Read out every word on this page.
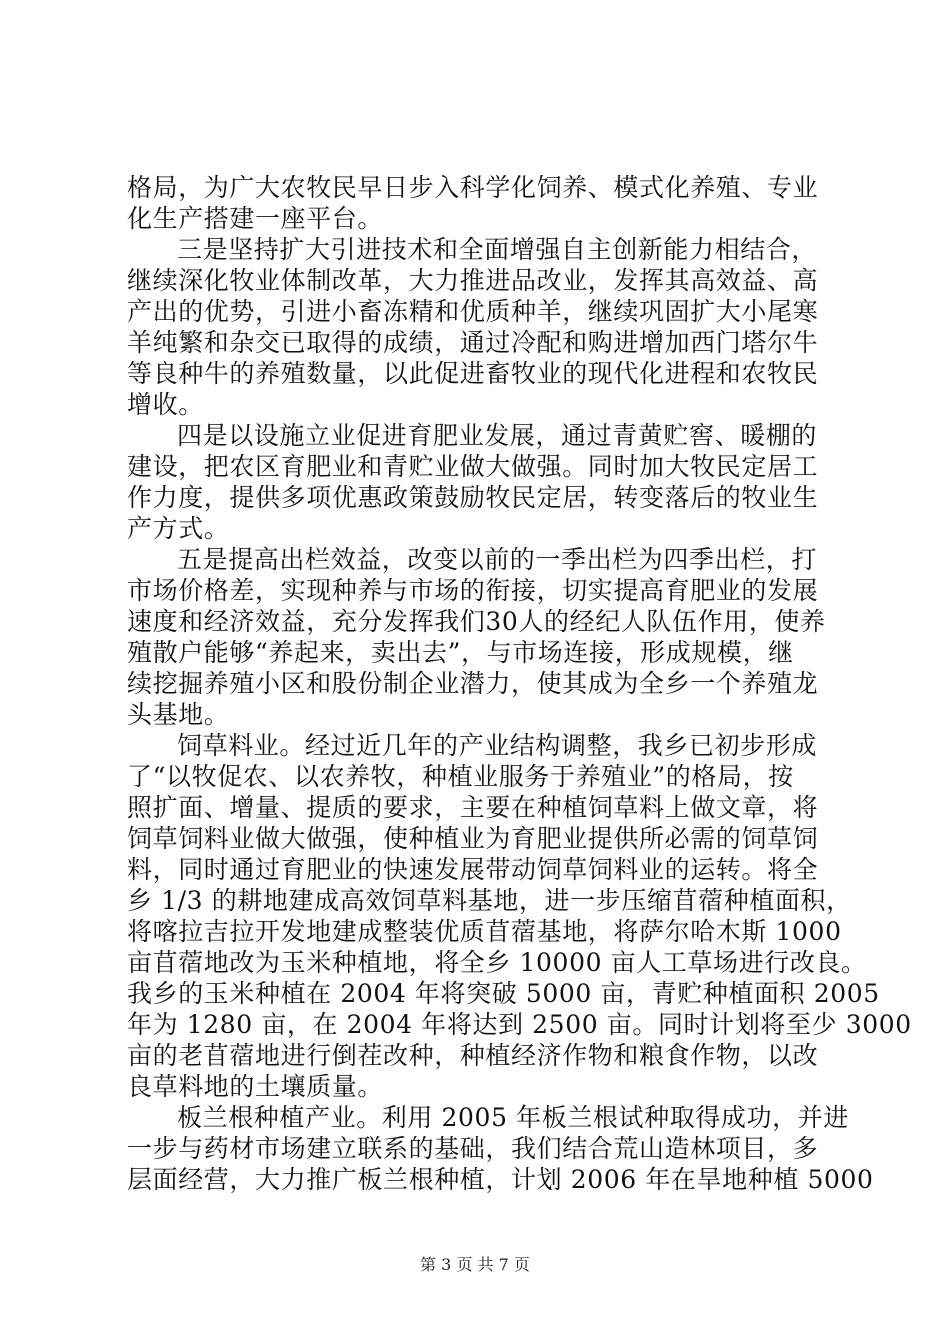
格局，为广大农牧民早日步入科学化饲养、模式化养殖、专业
化生产搭建一座平台。
三是坚持扩大引进技术和全面增强自主创新能力相结合，
继续深化牧业体制改革，大力推进品改业，发挥其高效益、高
产出的优势，引进小畜冻精和优质种羊，继续巩固扩大小尾寒
羊纯繁和杂交已取得的成绩，通过冷配和购进增加西门塔尔牛
等良种牛的养殖数量，以此促进畜牧业的现代化进程和农牧民
增收。
四是以设施立业促进育肥业发展，通过青黄贮窖、暖棚的
建设，把农区育肥业和青贮业做大做强。同时加大牧民定居工
作力度，提供多项优惠政策鼓励牧民定居，转变落后的牧业生
产方式。
五是提高出栏效益，改变以前的一季出栏为四季出栏，打
市场价格差，实现种养与市场的衔接，切实提高育肥业的发展
速度和经济效益，充分发挥我们30人的经纪人队伍作用，使养
殖散户能够“养起来，卖出去”，与市场连接，形成规模，继
续挖掘养殖小区和股份制企业潜力，使其成为全乡一个养殖龙
头基地。
饲草料业。经过近几年的产业结构调整，我乡已初步形成
了“以牧促农、以农养牧，种植业服务于养殖业”的格局，按
照扩面、增量、提质的要求，主要在种植饲草料上做文章，将
饲草饲料业做大做强，使种植业为育肥业提供所必需的饲草饲
料，同时通过育肥业的快速发展带动饲草饲料业的运转。将全
乡 1/3 的耕地建成高效饲草料基地，进一步压缩苜蓿种植面积，
将喀拉吉拉开发地建成整装优质苜蓿基地，将萨尔哈木斯 1000
亩苜蓿地改为玉米种植地，将全乡 10000 亩人工草场进行改良。
我乡的玉米种植在 2004 年将突破 5000 亩，青贮种植面积 2005
年为 1280 亩，在 2004 年将达到 2500 亩。同时计划将至少 3000
亩的老苜蓿地进行倒茬改种，种植经济作物和粮食作物，以改
良草料地的土壤质量。
板兰根种植产业。利用 2005 年板兰根试种取得成功，并进
一步与药材市场建立联系的基础，我们结合荒山造林项目，多
层面经营，大力推广板兰根种植，计划 2006 年在旱地种植 5000
第 3 页 共 7 页
